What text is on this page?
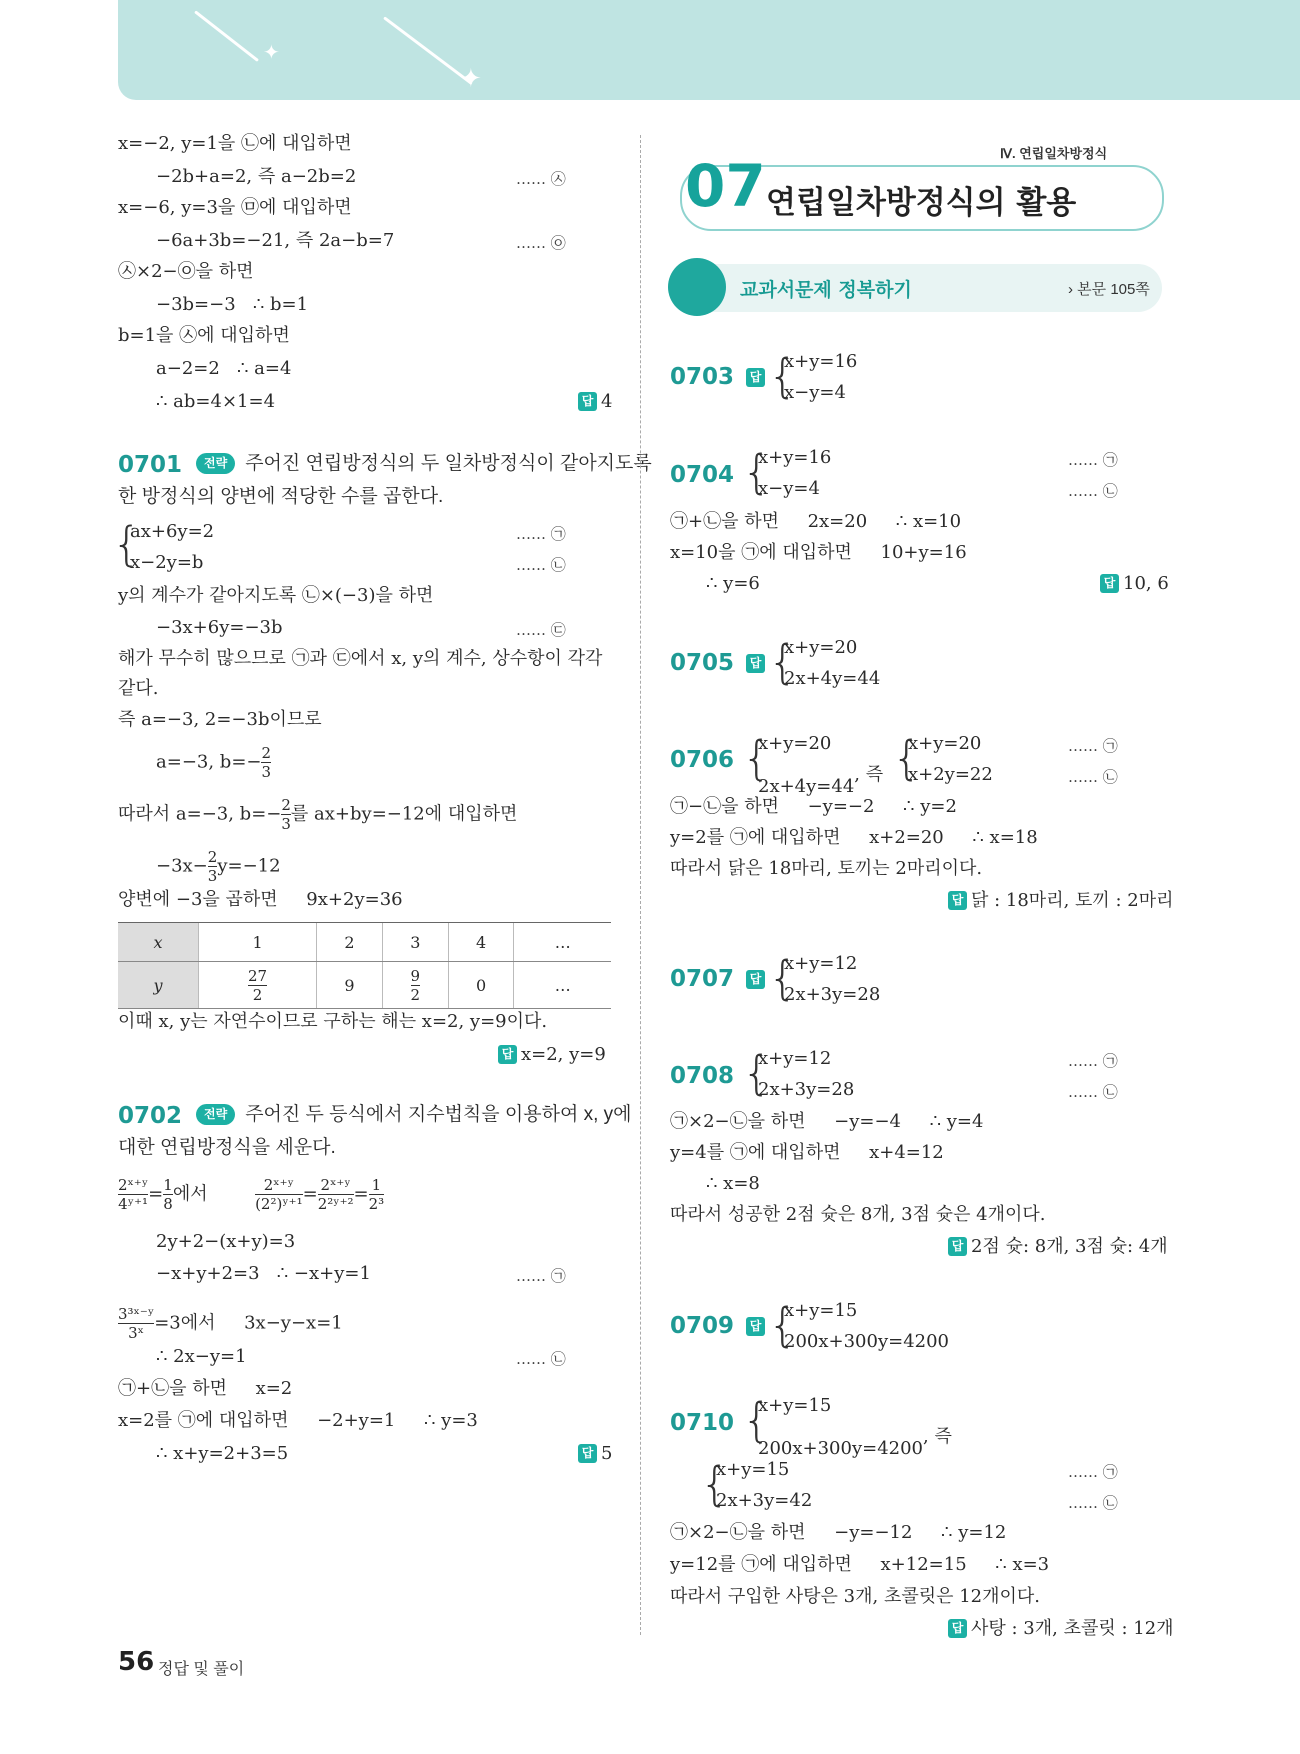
✦
✦
x=−2, y=1을 ㉡에 대입하면
−2b+a=2, 즉 a−2b=2	…… ㉦
x=−6, y=3을 ㉤에 대입하면
−6a+3b=−21, 즉 2a−b=7	…… ㉧
㉦×2−㉧을 하면
−3b=−3   ∴ b=1
b=1을 ㉦에 대입하면
a−2=2   ∴ a=4
∴ ab=4×1=4	답 4
0701	전략 주어진 연립방정식의 두 일차방정식이 같아지도록
한 방정식의 양변에 적당한 수를 곱한다.
{
ax+6y=2
x−2y=b
…… ㉠
…… ㉡
y의 계수가 같아지도록 ㉡×(−3)을 하면
−3x+6y=−3b	…… ㉢
해가 무수히 많으므로 ㉠과 ㉢에서 x, y의 계수, 상수항이 각각
같다.
즉 a=−3, 2=−3b이므로
a=−3, $b=- \frac{2}{3}$
따라서 a=−3, $b=- \frac{2}{3}$ 를 ax+by=−12에 대입하면
$-3x- \frac{2}{3} y=-12$
양변에 −3을 곱하면     9x+2y=36
x	1	2	3	4	…
y	$\frac{27}{2}$	9	$\frac{9}{2}$	0	…
이때 x, y는 자연수이므로 구하는 해는 x=2, y=9이다.
답 x=2, y=9
0702	전략 주어진 두 등식에서 지수법칙을 이용하여 x, y에
대한 연립방정식을 세운다.
$\frac{\text{2ˣ⁺ʸ}}{\text{4ʸ⁺¹}} = \frac{1}{8}$ 에서	$\frac{\text{2ˣ⁺ʸ}}{\text{(2²)ʸ⁺¹}} = \frac{\text{2ˣ⁺ʸ}}{\text{2²ʸ⁺²}} = \frac{1}{\text{2³}}$
2y+2−(x+y)=3
−x+y+2=3   ∴ −x+y=1	…… ㉠
$\frac{\text{3³ˣ⁻ʸ}}{\text{3ˣ}} =3$에서     3x−y−x=1
∴ 2x−y=1	…… ㉡
㉠+㉡을 하면     x=2
x=2를 ㉠에 대입하면     −2+y=1     ∴ y=3
∴ x+y=2+3=5	답 5
Ⅳ. 연립일차방정식
07 연립일차방정식의 활용
교과서문제 정복하기	› 본문 105쪽
0703	답 {
x+y=16
x−y=4
0704 {
x+y=16
x−y=4
…… ㉠
…… ㉡
㉠+㉡을 하면     2x=20     ∴ x=10
x=10을 ㉠에 대입하면     10+y=16
∴ y=6	답 10, 6
0705	답 {
x+y=20
2x+4y=44
0706 {
x+y=20
2x+4y=44, 즉 {
x+y=20
x+2y=22
…… ㉠
…… ㉡
㉠−㉡을 하면     −y=−2     ∴ y=2
y=2를 ㉠에 대입하면     x+2=20     ∴ x=18
따라서 닭은 18마리, 토끼는 2마리이다.
답 닭 : 18마리, 토끼 : 2마리
0707	답 {
x+y=12
2x+3y=28
0708 {
x+y=12
2x+3y=28
…… ㉠
…… ㉡
㉠×2−㉡을 하면     −y=−4     ∴ y=4
y=4를 ㉠에 대입하면     x+4=12
∴ x=8
따라서 성공한 2점 슛은 8개, 3점 슛은 4개이다.
답 2점 슛: 8개, 3점 슛: 4개
0709	답 {
x+y=15
200x+300y=4200
0710 {
x+y=15
200x+300y=4200, 즉
{
x+y=15
2x+3y=42
…… ㉠
…… ㉡
㉠×2−㉡을 하면     −y=−12     ∴ y=12
y=12를 ㉠에 대입하면     x+12=15     ∴ x=3
따라서 구입한 사탕은 3개, 초콜릿은 12개이다.
답 사탕 : 3개, 초콜릿 : 12개
56 정답 및 풀이
